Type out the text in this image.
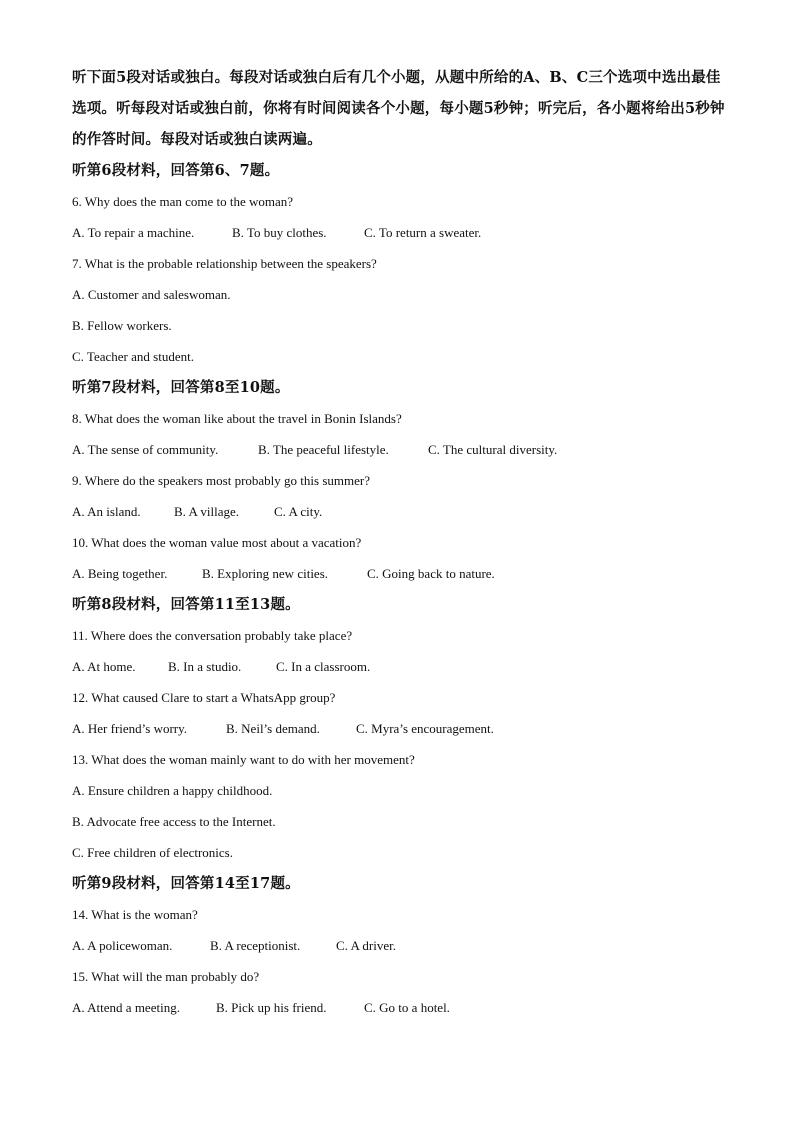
听下面5段对话或独白。每段对话或独白后有几个小题，从题中所给的A、B、C三个选项中选出最佳选项。听每段对话或独白前，你将有时间阅读各个小题，每小题5秒钟；听完后，各小题将给出5秒钟的作答时间。每段对话或独白读两遍。

听第6段材料，回答第6、7题。

6. Why does the man come to the woman?

A. To repair a machine.	B. To buy clothes.	C. To return a sweater.

7. What is the probable relationship between the speakers?

A. Customer and saleswoman.

B. Fellow workers.

C. Teacher and student.

听第7段材料，回答第8至10题。

8. What does the woman like about the travel in Bonin Islands?

A. The sense of community.	B. The peaceful lifestyle.	C. The cultural diversity.

9. Where do the speakers most probably go this summer?

A. An island.	B. A village.	C. A city.

10. What does the woman value most about a vacation?

A. Being together.	B. Exploring new cities.	C. Going back to nature.

听第8段材料，回答第11至13题。

11. Where does the conversation probably take place?

A. At home.	B. In a studio.	C. In a classroom.

12. What caused Clare to start a WhatsApp group?

A. Her friend’s worry.	B. Neil’s demand.	C. Myra’s encouragement.

13. What does the woman mainly want to do with her movement?

A. Ensure children a happy childhood.

B. Advocate free access to the Internet.

C. Free children of electronics.

听第9段材料，回答第14至17题。

14. What is the woman?

A. A policewoman.	B. A receptionist.	C. A driver.

15. What will the man probably do?

A. Attend a meeting.	B. Pick up his friend.	C. Go to a hotel.
